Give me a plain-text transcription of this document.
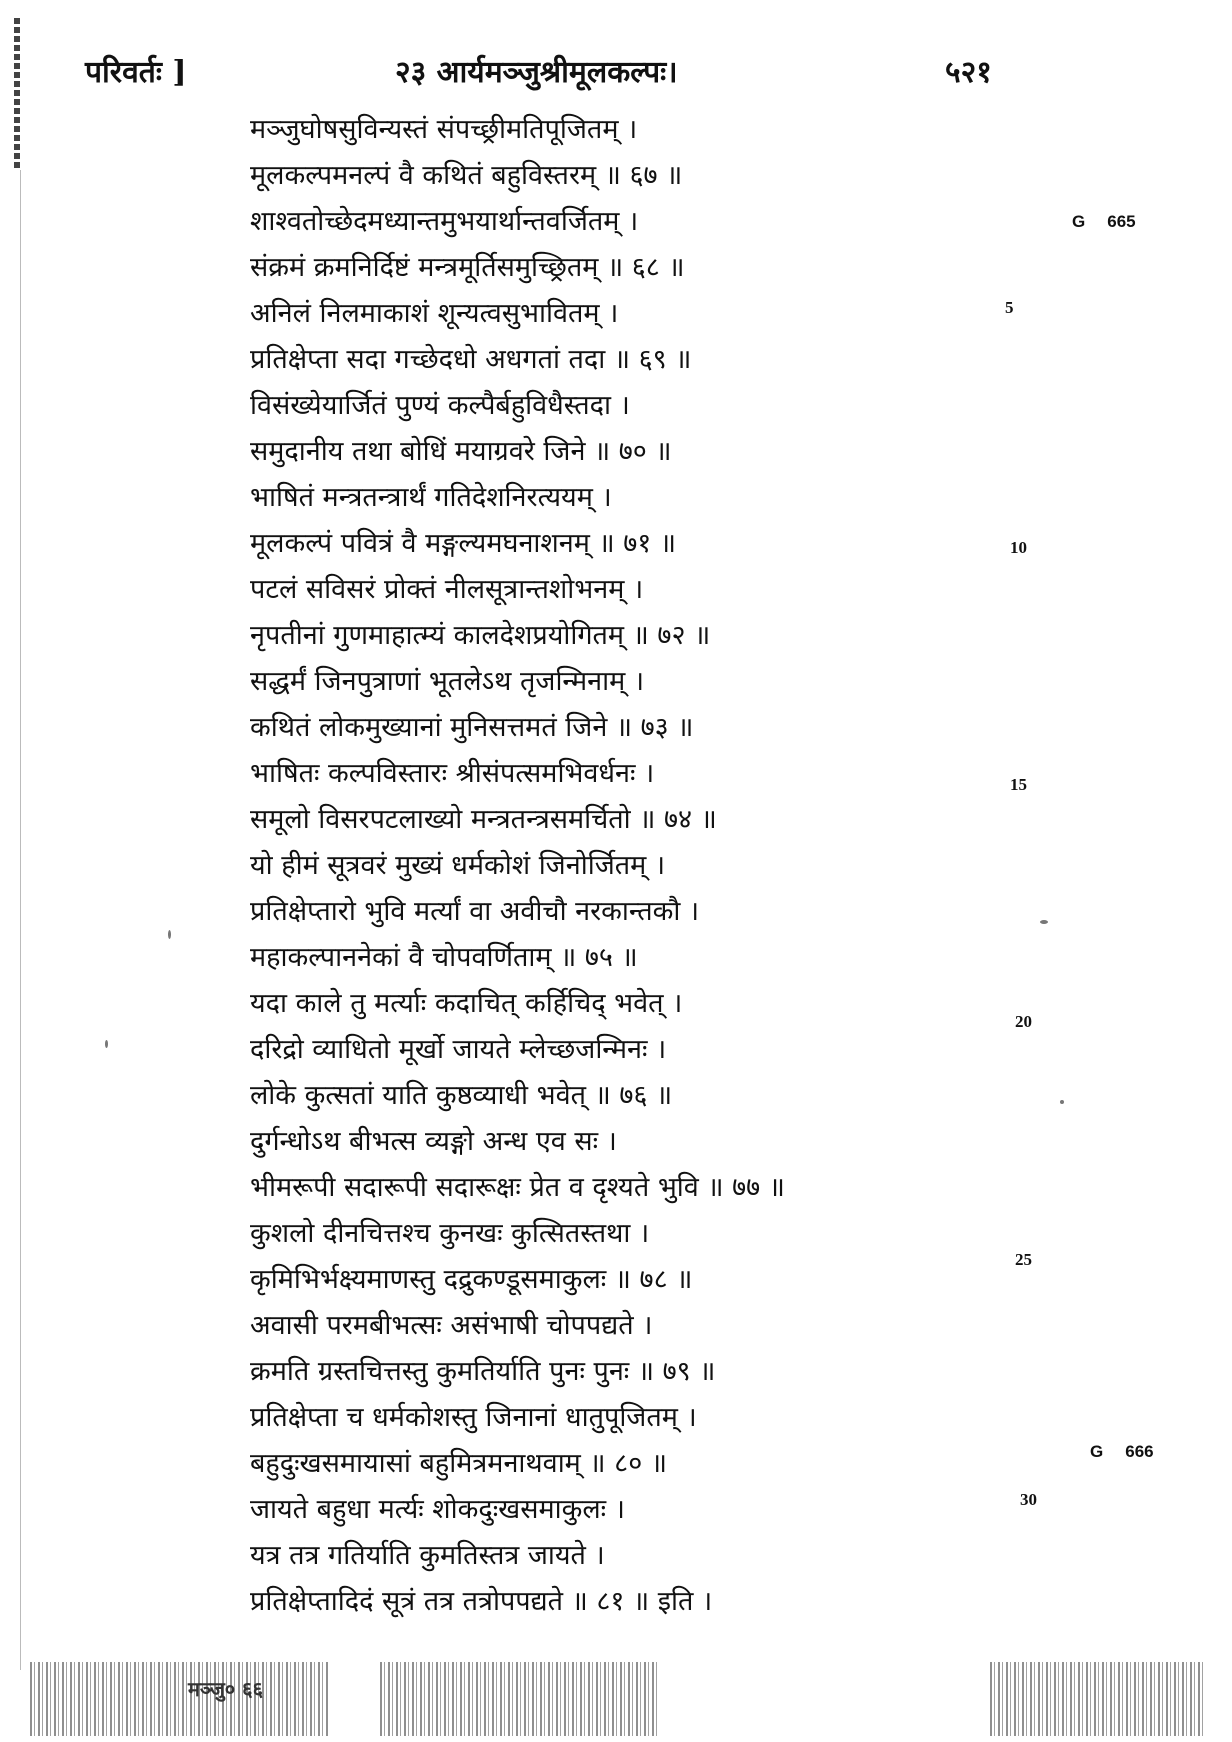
परिवर्तः ]	२३ आर्यमञ्जुश्रीमूलकल्पः।	५२१
मञ्जुघोषसुविन्यस्तं संपच्छ्रीमतिपूजितम् ।
मूलकल्पमनल्पं वै कथितं बहुविस्तरम् ॥ ६७ ॥
शाश्वतोच्छेदमध्यान्तमुभयार्थान्तवर्जितम् ।
संक्रमं क्रमनिर्दिष्टं मन्त्रमूर्तिसमुच्छ्रितम् ॥ ६८ ॥
अनिलं निलमाकाशं शून्यत्वसुभावितम् ।
प्रतिक्षेप्ता सदा गच्छेदधो अधगतां तदा ॥ ६९ ॥
विसंख्येयार्जितं पुण्यं कल्पैर्बहुविधैस्तदा ।
समुदानीय तथा बोधिं मयाग्रवरे जिने ॥ ७० ॥
भाषितं मन्त्रतन्त्रार्थं गतिदेशनिरत्ययम् ।
मूलकल्पं पवित्रं वै मङ्गल्यमघनाशनम् ॥ ७१ ॥
पटलं सविसरं प्रोक्तं नीलसूत्रान्तशोभनम् ।
नृपतीनां गुणमाहात्म्यं कालदेशप्रयोगितम् ॥ ७२ ॥
सद्धर्मं जिनपुत्राणां भूतलेऽथ तृजन्मिनाम् ।
कथितं लोकमुख्यानां मुनिसत्तमतं जिने ॥ ७३ ॥
भाषितः कल्पविस्तारः श्रीसंपत्समभिवर्धनः ।
समूलो विसरपटलाख्यो मन्त्रतन्त्रसमर्चितो ॥ ७४ ॥
यो हीमं सूत्रवरं मुख्यं धर्मकोशं जिनोर्जितम् ।
प्रतिक्षेप्तारो भुवि मर्त्यां वा अवीचौ नरकान्तकौ ।
महाकल्पाननेकां वै चोपवर्णिताम् ॥ ७५ ॥
यदा काले तु मर्त्याः कदाचित् कर्हिचिद् भवेत् ।
दरिद्रो व्याधितो मूर्खो जायते म्लेच्छजन्मिनः ।
लोके कुत्सतां याति कुष्ठव्याधी भवेत् ॥ ७६ ॥
दुर्गन्धोऽथ बीभत्स व्यङ्गो अन्ध एव सः ।
भीमरूपी सदारूपी सदारूक्षः प्रेत व दृश्यते भुवि ॥ ७७ ॥
कुशलो दीनचित्तश्च कुनखः कुत्सितस्तथा ।
कृमिभिर्भक्ष्यमाणस्तु दद्रुकण्डूसमाकुलः ॥ ७८ ॥
अवासी परमबीभत्सः असंभाषी चोपपद्यते ।
क्रमति ग्रस्तचित्तस्तु कुमतिर्याति पुनः पुनः ॥ ७९ ॥
प्रतिक्षेप्ता च धर्मकोशस्तु जिनानां धातुपूजितम् ।
बहुदुःखसमायासां बहुमित्रमनाथवाम् ॥ ८० ॥
जायते बहुधा मर्त्यः शोकदुःखसमाकुलः ।
यत्र तत्र गतिर्याति कुमतिस्तत्र जायते ।
प्रतिक्षेप्तादिदं सूत्रं तत्र तत्रोपपद्यते ॥ ८१ ॥ इति ।
5
10
15
20
25
30
G 665
G 666
मञ्जु० ६६
